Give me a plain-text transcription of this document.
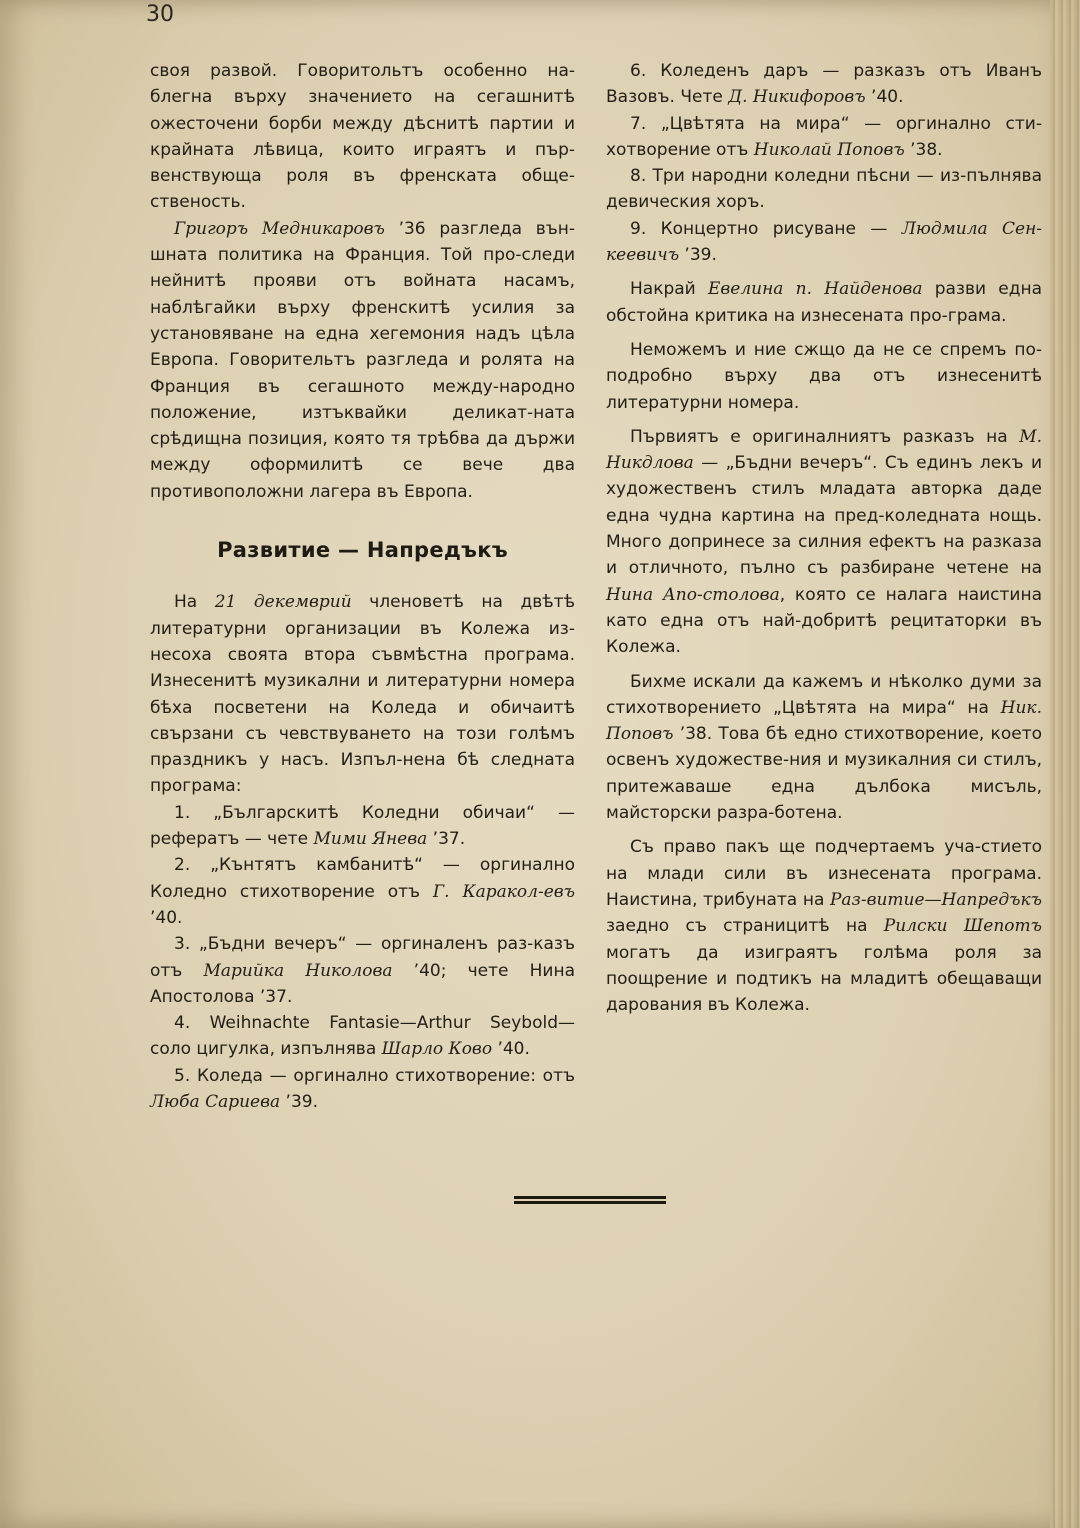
30

своя развой. Говоритольтъ особенно на-блегна върху значението на сегашнитѣ ожесточени борби между дѣснитѣ партии и крайната лѣвица, които играятъ и пър-венствующа роля въ френската обще-ственость.

Григоръ Медникаровъ ’36 разгледа вън-шната политика на Франция. Той про-следи нейнитѣ прояви отъ войната насамъ, наблѣгайки върху френскитѣ усилия за установяване на една хегемония надъ цѣла Европа. Говорительтъ разгледа и ролята на Франция въ сегашното между-народно положение, изтъквайки деликат-ната срѣдищна позиция, която тя трѣбва да държи между оформилитѣ се вече два противоположни лагера въ Европа.

Развитие — Напредъкъ

На 21 декемврий членоветѣ на двѣтѣ литературни организации въ Колежа из-несоха своята втора съвмѣстна програма. Изнесенитѣ музикални и литературни номера бѣха посветени на Коледа и обичаитѣ свързани съ чевствуването на този голѣмъ праздникъ у насъ. Изпъл-нена бѣ следната програма:

1. „Българскитѣ Коледни обичаи“ — рефератъ — чете Мими Янева ’37.

2. „Кънтятъ камбанитѣ“ — оргинално Коледно стихотворение отъ Г. Каракол-евъ ’40.

3. „Бъдни вечеръ“ — оргиналенъ раз-казъ отъ Марийка Николова ’40; чете Нина Апостолова ’37.

4. Weihnachte Fantasie—Arthur Seybold— соло цигулка, изпълнява Шарло Ково ’40.

5. Коледа — оргинално стихотворение: отъ Люба Сариева ’39.

6. Коледенъ даръ — разказъ отъ Иванъ Вазовъ. Чете Д. Никифоровъ ’40.

7. „Цвѣтята на мира“ — оргинално сти-хотворение отъ Николай Поповъ ’38.

8. Три народни коледни пѣсни — из-пълнява девическия хоръ.

9. Концертно рисуване — Людмила Сен-кеевичъ ’39.

Накрай Евелина п. Найденова разви една обстойна критика на изнесената про-грама.

Неможемъ и ние сжщо да не се спремъ по-подробно върху два отъ изнесенитѣ литературни номера.

Първиятъ е оригиналниятъ разказъ на М. Никдлова — „Бъдни вечеръ“. Съ единъ лекъ и художественъ стилъ младата авторка даде една чудна картина на пред-коледната нощь. Много допринесе за силния ефектъ на разказа и отличното, пълно съ разбиране четене на Нина Апо-столова, която се налага наистина като една отъ най-добритѣ рецитаторки въ Колежа.

Бихме искали да кажемъ и нѣколко думи за стихотворението „Цвѣтята на мира“ на Ник. Поповъ ’38. Това бѣ едно стихотворение, което освенъ художестве-ния и музикалния си стилъ, притежаваше една дълбока мисъль, майсторски разра-ботена.

Съ право пакъ ще подчертаемъ уча-стието на млади сили въ изнесената програма. Наистина, трибуната на Раз-витие—Напредъкъ заедно съ страницитѣ на Рилски Шепотъ могатъ да изиграятъ голѣма роля за поощрение и подтикъ на младитѣ обещаващи дарования въ Колежа.
